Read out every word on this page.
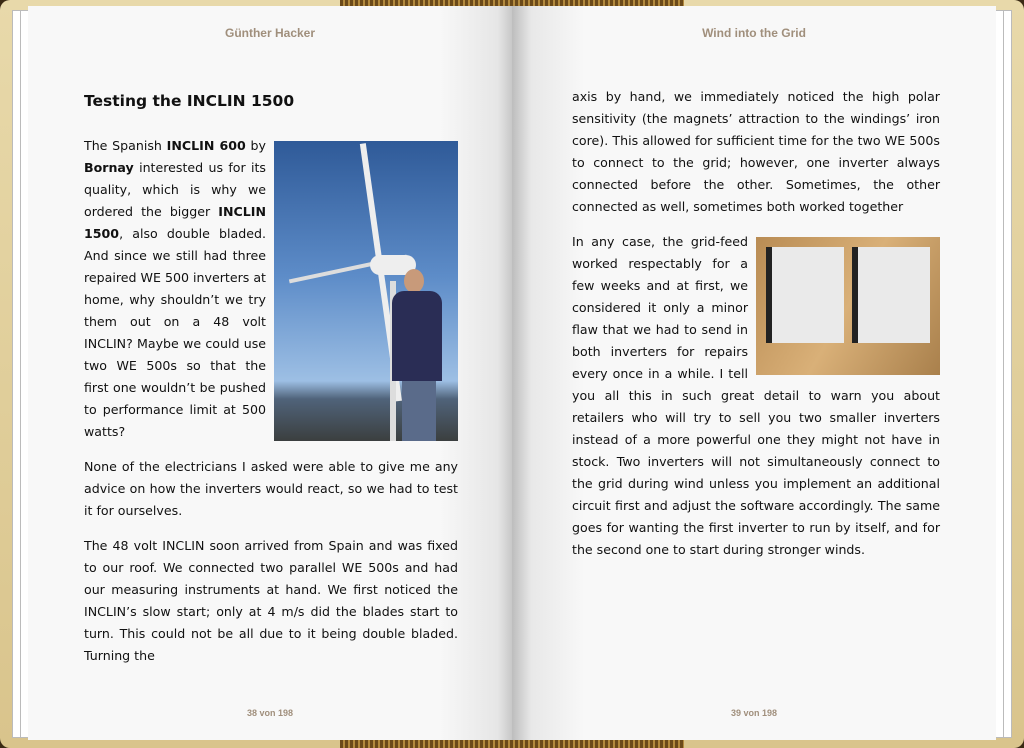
Günther Hacker
Testing the INCLIN 1500

The Spanish INCLIN 600 by Bornay interested us for its quality, which is why we ordered the bigger INCLIN 1500, also double bladed. And since we still had three repaired WE 500 inverters at home, why shouldn’t we try them out on a 48 volt INCLIN? Maybe we could use two WE 500s so that the first one wouldn’t be pushed to performance limit at 500 watts?

None of the electricians I asked were able to give me any advice on how the inverters would react, so we had to test it for ourselves.

The 48 volt INCLIN soon arrived from Spain and was fixed to our roof. We connected two parallel WE 500s and had our measuring instruments at hand. We first noticed the INCLIN’s slow start; only at 4 m/s did the blades start to turn. This could not be all due to it being double bladed. Turning the

38 von 198
Wind into the Grid

axis by hand, we immediately noticed the high polar sensitivity (the magnets’ attraction to the windings’ iron core). This allowed for sufficient time for the two WE 500s to connect to the grid; however, one inverter always connected before the other. Sometimes, the other connected as well, sometimes both worked together

In any case, the grid-feed worked respectably for a few weeks and at first, we considered it only a minor flaw that we had to send in both inverters for repairs every once in a while. I tell you all this in such great detail to warn you about retailers who will try to sell you two smaller inverters instead of a more powerful one they might not have in stock. Two inverters will not simultaneously connect to the grid during wind unless you implement an additional circuit first and adjust the software accordingly. The same goes for wanting the first inverter to run by itself, and for the second one to start during stronger winds.

39 von 198
